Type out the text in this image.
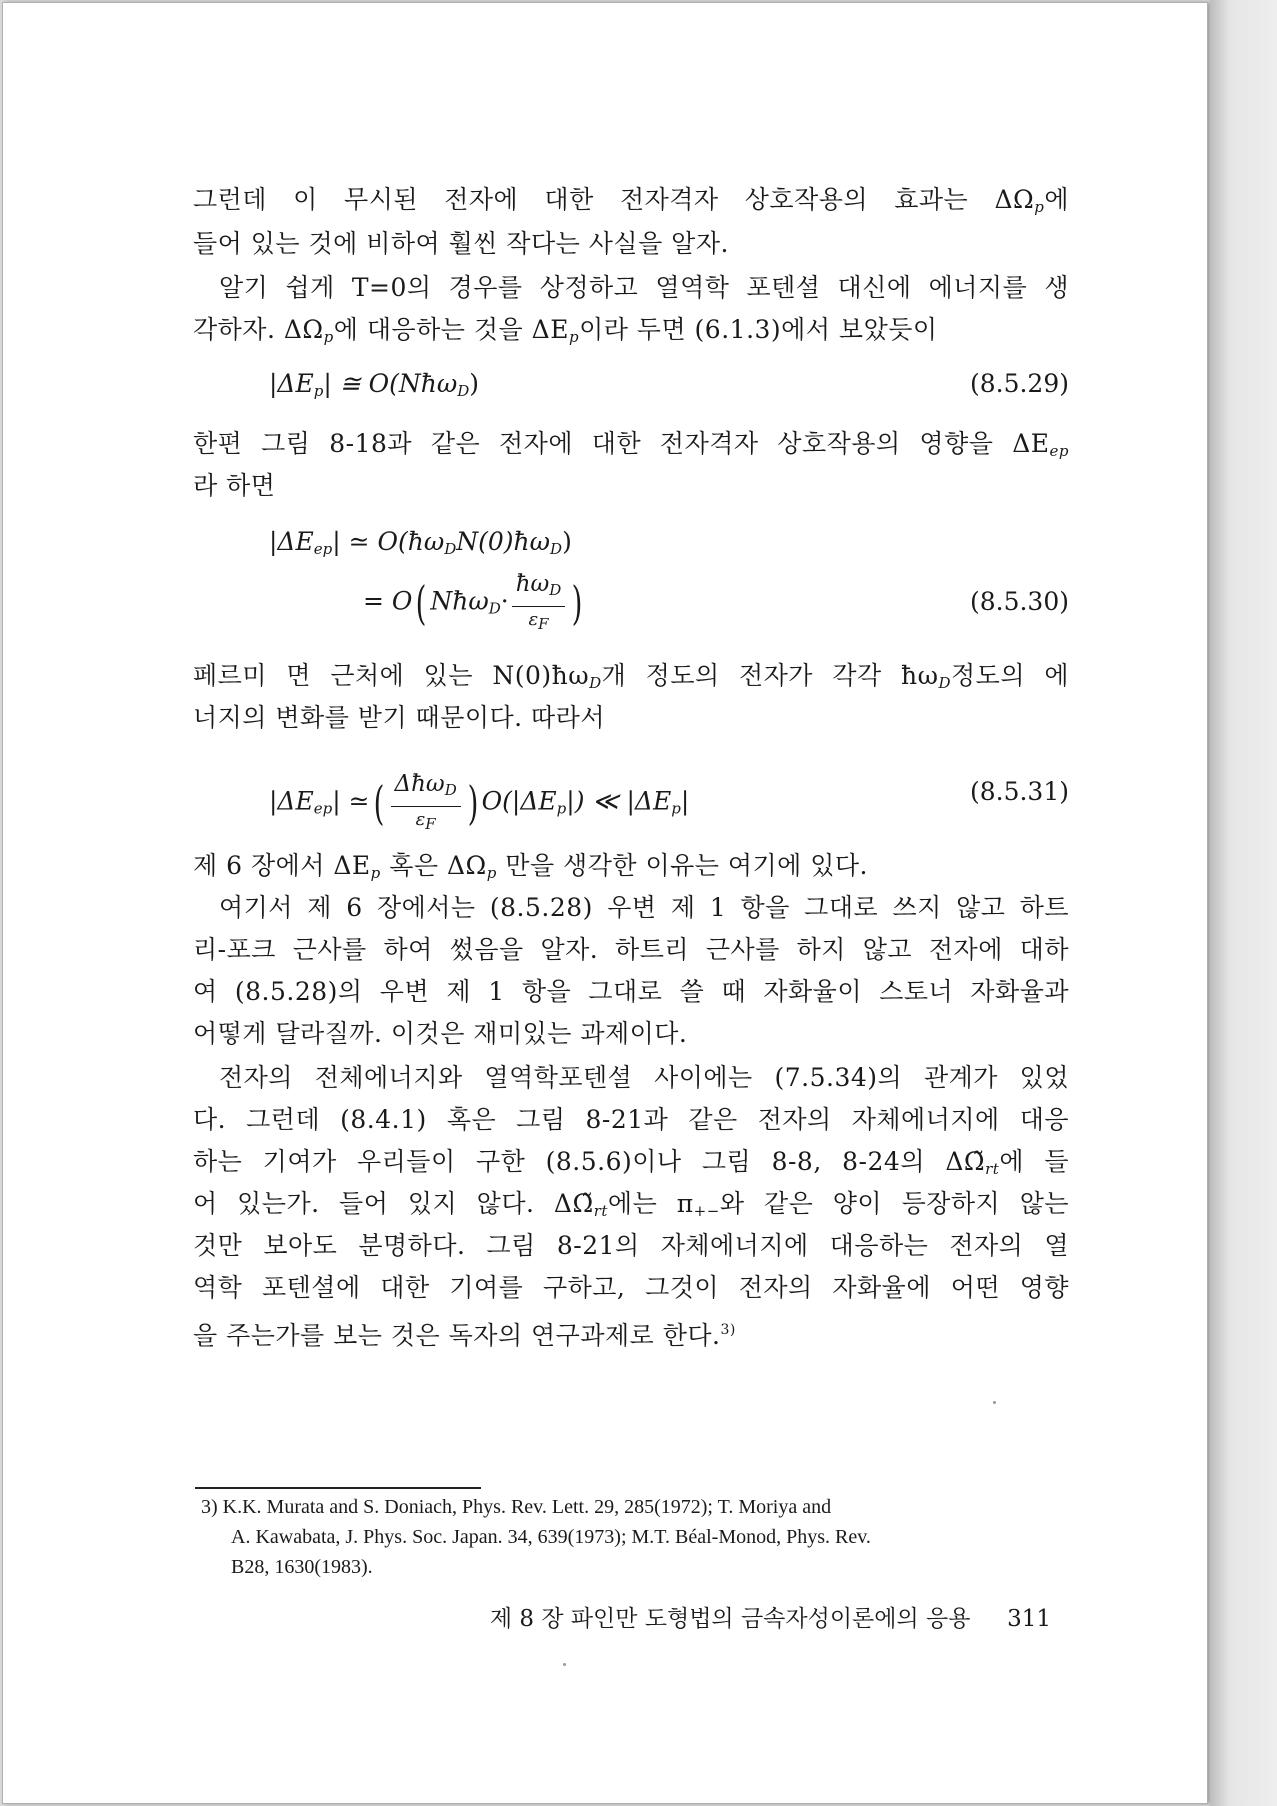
그런데 이 무시된 전자에 대한 전자격자 상호작용의 효과는 $\Delta\Omega_p$에
들어 있는 것에 비하여 훨씬 작다는 사실을 알자.
알기 쉽게 T=0의 경우를 상정하고 열역학 포텐셜 대신에 에너지를 생
각하자. $\Delta\Omega_p$에 대응하는 것을 $\Delta E_p$이라 두면 (6.1.3)에서 보았듯이
$|\Delta E_p|$ ≅ O(Nħω$_D$)	(8.5.29)
한편 그림 8-18과 같은 전자에 대한 전자격자 상호작용의 영향을 $\Delta E_{ep}$
라 하면
$|\Delta E_{ep}|$ ≃ $O(ħ\omega_DN(0)ħ\omega_D)$
= O( Nħω$_D$· $\frac{ħ\omega_D}{\varepsilon_F}$ )	(8.5.30)
페르미 면 근처에 있는 $N(0)ħ\omega_D$개 정도의 전자가 각각 $ħ\omega_D$정도의 에
너지의 변화를 받기 때문이다. 따라서
$|\Delta E_{ep}|$ ≃( $\frac{\Delta ħ\omega_D}{\varepsilon_F}$ ) $O(|\Delta E_p|)$ ≪ $|\Delta E_p|$	(8.5.31)
제 6 장에서 $\Delta E_p$ 혹은 $\Delta\Omega_p$ 만을 생각한 이유는 여기에 있다.
여기서 제 6 장에서는 (8.5.28) 우변 제 1 항을 그대로 쓰지 않고 하트
리-포크 근사를 하여 썼음을 알자. 하트리 근사를 하지 않고 전자에 대하
여 (8.5.28)의 우변 제 1 항을 그대로 쓸 때 자화율이 스토너 자화율과
어떻게 달라질까. 이것은 재미있는 과제이다.
전자의 전체에너지와 열역학포텐셜 사이에는 (7.5.34)의 관계가 있었
다. 그런데 (8.4.1) 혹은 그림 8-21과 같은 전자의 자체에너지에 대응
하는 기여가 우리들이 구한 (8.5.6)이나 그림 8-8, 8-24의 $\Delta\Omegã_{rt}$에 들
어 있는가. 들어 있지 않다. $\Delta\Omegã_{rt}$에는 $\pi_{+-}$와 같은 양이 등장하지 않는
것만 보아도 분명하다. 그림 8-21의 자체에너지에 대응하는 전자의 열
역학 포텐셜에 대한 기여를 구하고, 그것이 전자의 자화율에 어떤 영향
을 주는가를 보는 것은 독자의 연구과제로 한다.$^{3)}$
3) K.K. Murata and S. Doniach, Phys. Rev. Lett. 29, 285(1972); T. Moriya and
A. Kawabata, J. Phys. Soc. Japan. 34, 639(1973); M.T. Béal-Monod, Phys. Rev.
B28, 1630(1983).
제 8 장 파인만 도형법의 금속자성이론에의 응용 311
